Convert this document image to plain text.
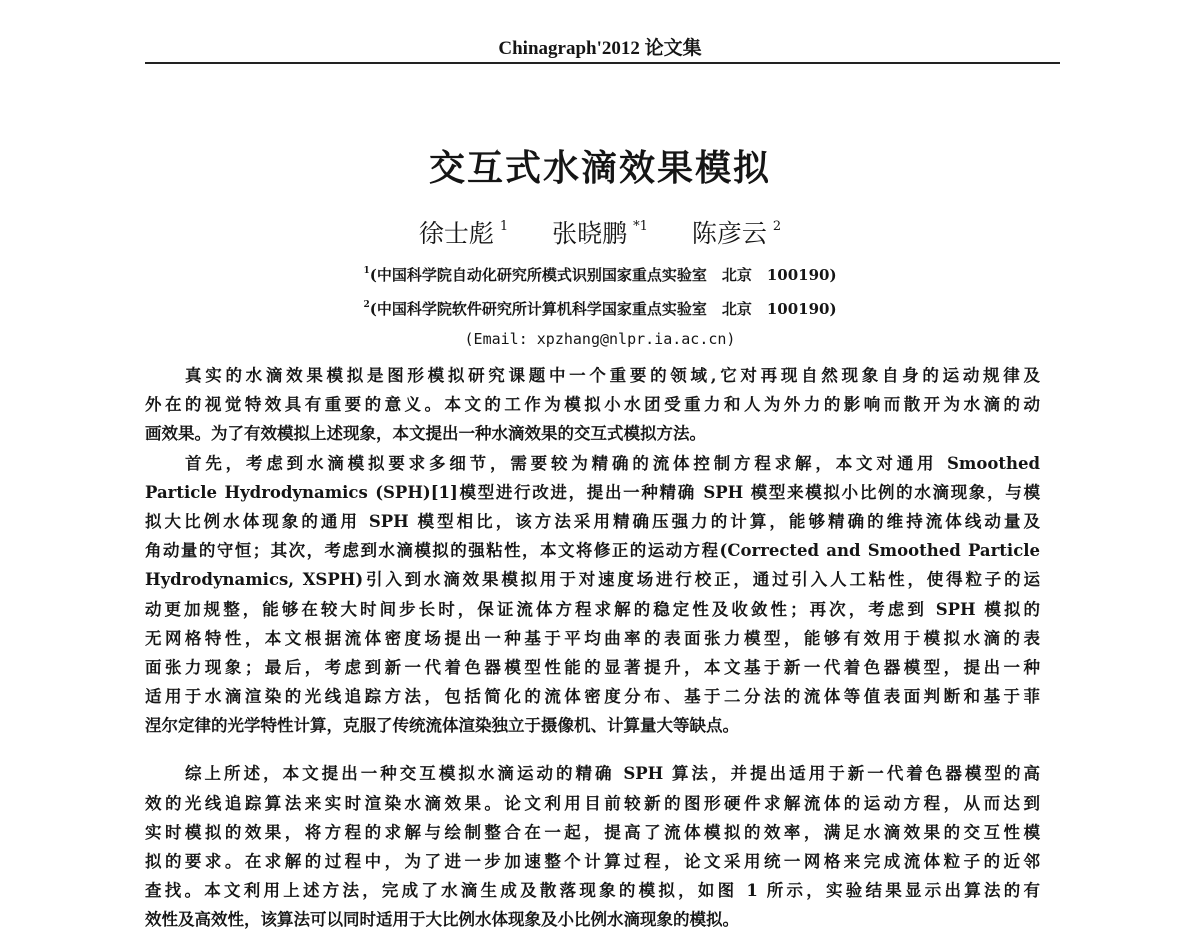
Chinagraph'2012 论文集
交互式水滴效果模拟
徐士彪 $^1$ 张晓鹏 $^{*1}$ 陈彦云 $^2$
$^1$(中国科学院自动化研究所模式识别国家重点实验室　北京　100190)
$^2$(中国科学院软件研究所计算机科学国家重点实验室　北京　100190)
(Email: xpzhang@nlpr.ia.ac.cn)
真实的水滴效果模拟是图形模拟研究课题中一个重要的领域,它对再现自然现象自身的运动规律及
外在的视觉特效具有重要的意义。本文的工作为模拟小水团受重力和人为外力的影响而散开为水滴的动
画效果。为了有效模拟上述现象，本文提出一种水滴效果的交互式模拟方法。
首先，考虑到水滴模拟要求多细节，需要较为精确的流体控制方程求解，本文对通用 Smoothed
Particle Hydrodynamics (SPH)[1]模型进行改进，提出一种精确 SPH 模型来模拟小比例的水滴现象，与模
拟大比例水体现象的通用 SPH 模型相比，该方法采用精确压强力的计算，能够精确的维持流体线动量及
角动量的守恒；其次，考虑到水滴模拟的强粘性，本文将修正的运动方程(Corrected and Smoothed Particle
Hydrodynamics, XSPH)引入到水滴效果模拟用于对速度场进行校正，通过引入人工粘性，使得粒子的运
动更加规整，能够在较大时间步长时，保证流体方程求解的稳定性及收敛性；再次，考虑到 SPH 模拟的
无网格特性，本文根据流体密度场提出一种基于平均曲率的表面张力模型，能够有效用于模拟水滴的表
面张力现象；最后，考虑到新一代着色器模型性能的显著提升，本文基于新一代着色器模型，提出一种
适用于水滴渲染的光线追踪方法，包括简化的流体密度分布、基于二分法的流体等值表面判断和基于菲
涅尔定律的光学特性计算，克服了传统流体渲染独立于摄像机、计算量大等缺点。
综上所述，本文提出一种交互模拟水滴运动的精确 SPH 算法，并提出适用于新一代着色器模型的高
效的光线追踪算法来实时渲染水滴效果。论文利用目前较新的图形硬件求解流体的运动方程，从而达到
实时模拟的效果，将方程的求解与绘制整合在一起，提高了流体模拟的效率，满足水滴效果的交互性模
拟的要求。在求解的过程中，为了进一步加速整个计算过程，论文采用统一网格来完成流体粒子的近邻
查找。本文利用上述方法，完成了水滴生成及散落现象的模拟，如图 1 所示，实验结果显示出算法的有
效性及高效性，该算法可以同时适用于大比例水体现象及小比例水滴现象的模拟。
